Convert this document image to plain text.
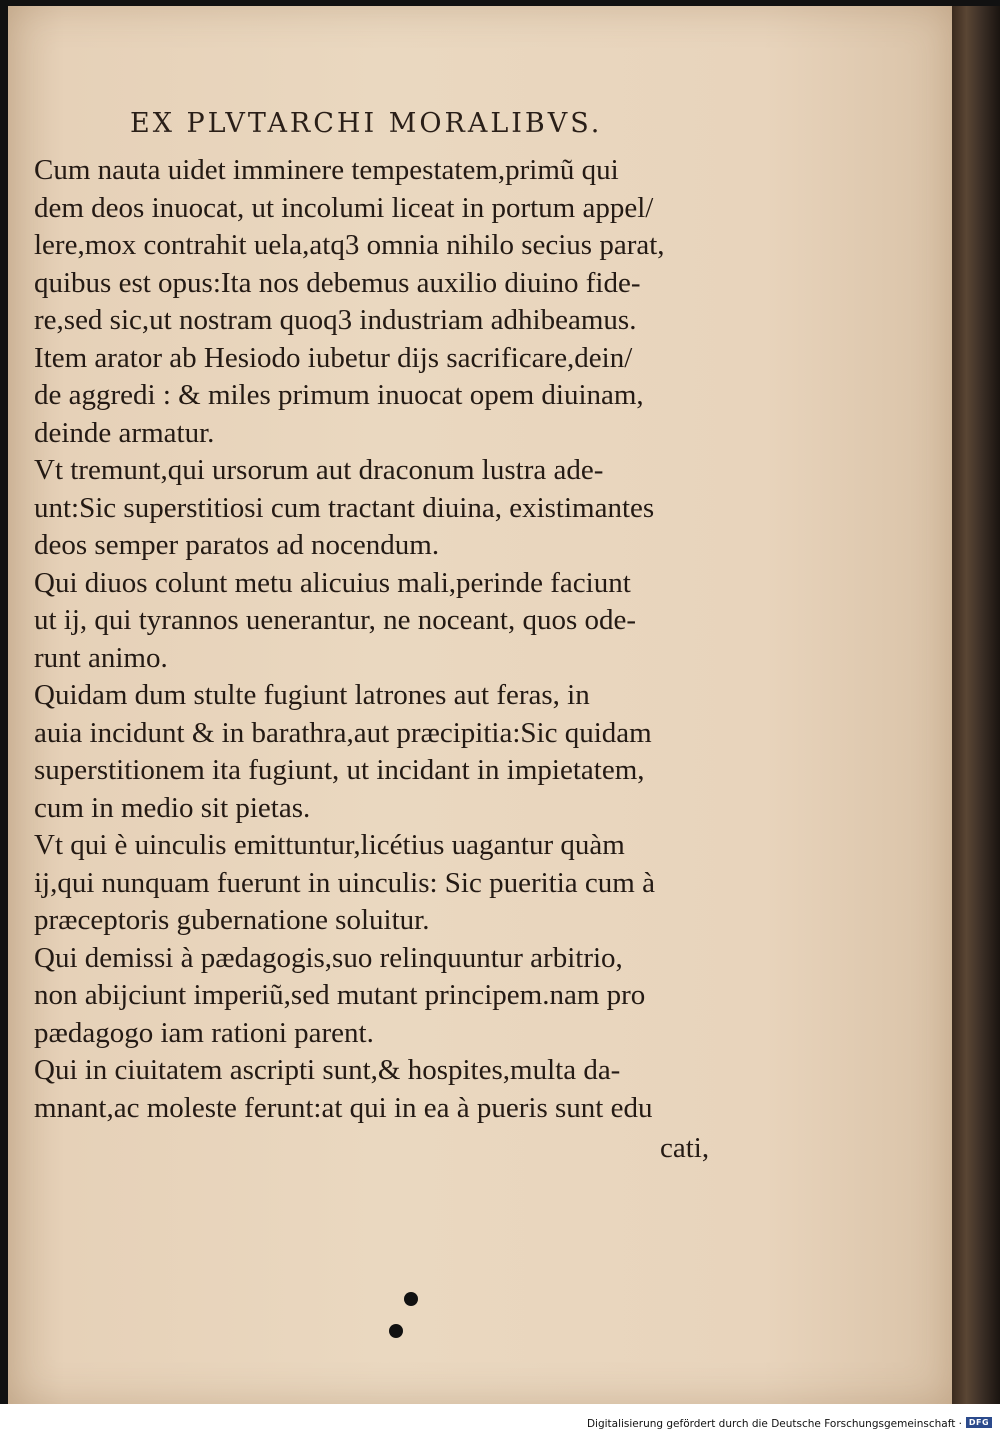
EX PLVTARCHI MORALIBVS.
Cum nauta uidet imminere tempestatem,primũ qui
dem deos inuocat, ut incolumi liceat in portum appel/
lere,mox contrahit uela,atq3 omnia nihilo secius parat,
quibus est opus:Ita nos debemus auxilio diuino fide-
re,sed sic,ut nostram quoq3 industriam adhibeamus.
Item arator ab Hesiodo iubetur dijs sacrificare,dein/
de aggredi : & miles primum inuocat opem diuinam,
deinde armatur.
Vt tremunt,qui ursorum aut draconum lustra ade-
unt:Sic superstitiosi cum tractant diuina, existimantes
deos semper paratos ad nocendum.
Qui diuos colunt metu alicuius mali,perinde faciunt
ut ij, qui tyrannos uenerantur, ne noceant, quos ode-
runt animo.
Quidam dum stulte fugiunt latrones aut feras, in
auia incidunt & in barathra,aut præcipitia:Sic quidam
superstitionem ita fugiunt, ut incidant in impietatem,
cum in medio sit pietas.
Vt qui è uinculis emittuntur,licétius uagantur quàm
ij,qui nunquam fuerunt in uinculis: Sic pueritia cum à
præceptoris gubernatione soluitur.
Qui demissi à pædagogis,suo relinquuntur arbitrio,
non abijciunt imperiũ,sed mutant principem.nam pro
pædagogo iam rationi parent.
Qui in ciuitatem ascripti sunt,& hospites,multa da-
mnant,ac moleste ferunt:at qui in ea à pueris sunt edu
cati,
Digitalisierung gefördert durch die Deutsche Forschungsgemeinschaft · DFG
